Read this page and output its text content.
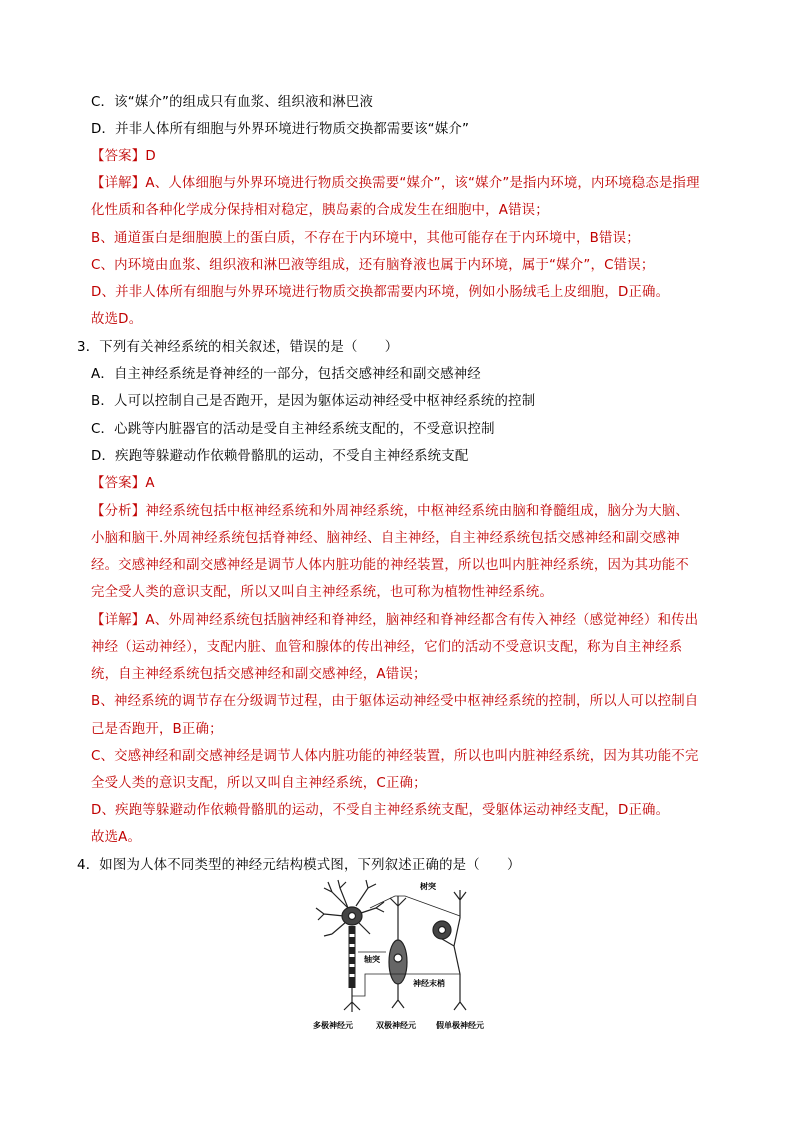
C．该“媒介”的组成只有血浆、组织液和淋巴液
D．并非人体所有细胞与外界环境进行物质交换都需要该“媒介”
【答案】D
【详解】A、人体细胞与外界环境进行物质交换需要“媒介”，该“媒介”是指内环境，内环境稳态是指理
化性质和各种化学成分保持相对稳定，胰岛素的合成发生在细胞中，A错误；
B、通道蛋白是细胞膜上的蛋白质，不存在于内环境中，其他可能存在于内环境中，B错误；
C、内环境由血浆、组织液和淋巴液等组成，还有脑脊液也属于内环境，属于“媒介”，C错误；
D、并非人体所有细胞与外界环境进行物质交换都需要内环境，例如小肠绒毛上皮细胞，D正确。
故选D。
3．下列有关神经系统的相关叙述，错误的是（　　）
A．自主神经系统是脊神经的一部分，包括交感神经和副交感神经
B．人可以控制自己是否跑开，是因为躯体运动神经受中枢神经系统的控制
C．心跳等内脏器官的活动是受自主神经系统支配的，不受意识控制
D．疾跑等躲避动作依赖骨骼肌的运动，不受自主神经系统支配
【答案】A
【分析】神经系统包括中枢神经系统和外周神经系统，中枢神经系统由脑和脊髓组成，脑分为大脑、
小脑和脑干.外周神经系统包括脊神经、脑神经、自主神经，自主神经系统包括交感神经和副交感神
经。交感神经和副交感神经是调节人体内脏功能的神经装置，所以也叫内脏神经系统，因为其功能不
完全受人类的意识支配，所以又叫自主神经系统，也可称为植物性神经系统。
【详解】A、外周神经系统包括脑神经和脊神经，脑神经和脊神经都含有传入神经（感觉神经）和传出
神经（运动神经），支配内脏、血管和腺体的传出神经，它们的活动不受意识支配，称为自主神经系
统，自主神经系统包括交感神经和副交感神经，A错误；
B、神经系统的调节存在分级调节过程，由于躯体运动神经受中枢神经系统的控制，所以人可以控制自
己是否跑开，B正确；
C、交感神经和副交感神经是调节人体内脏功能的神经装置，所以也叫内脏神经系统，因为其功能不完
全受人类的意识支配，所以又叫自主神经系统，C正确；
D、疾跑等躲避动作依赖骨骼肌的运动，不受自主神经系统支配，受躯体运动神经支配，D正确。
故选A。
4．如图为人体不同类型的神经元结构模式图，下列叙述正确的是（　　）
树突
轴突
神经末梢
多极神经元	双极神经元	假单极神经元
